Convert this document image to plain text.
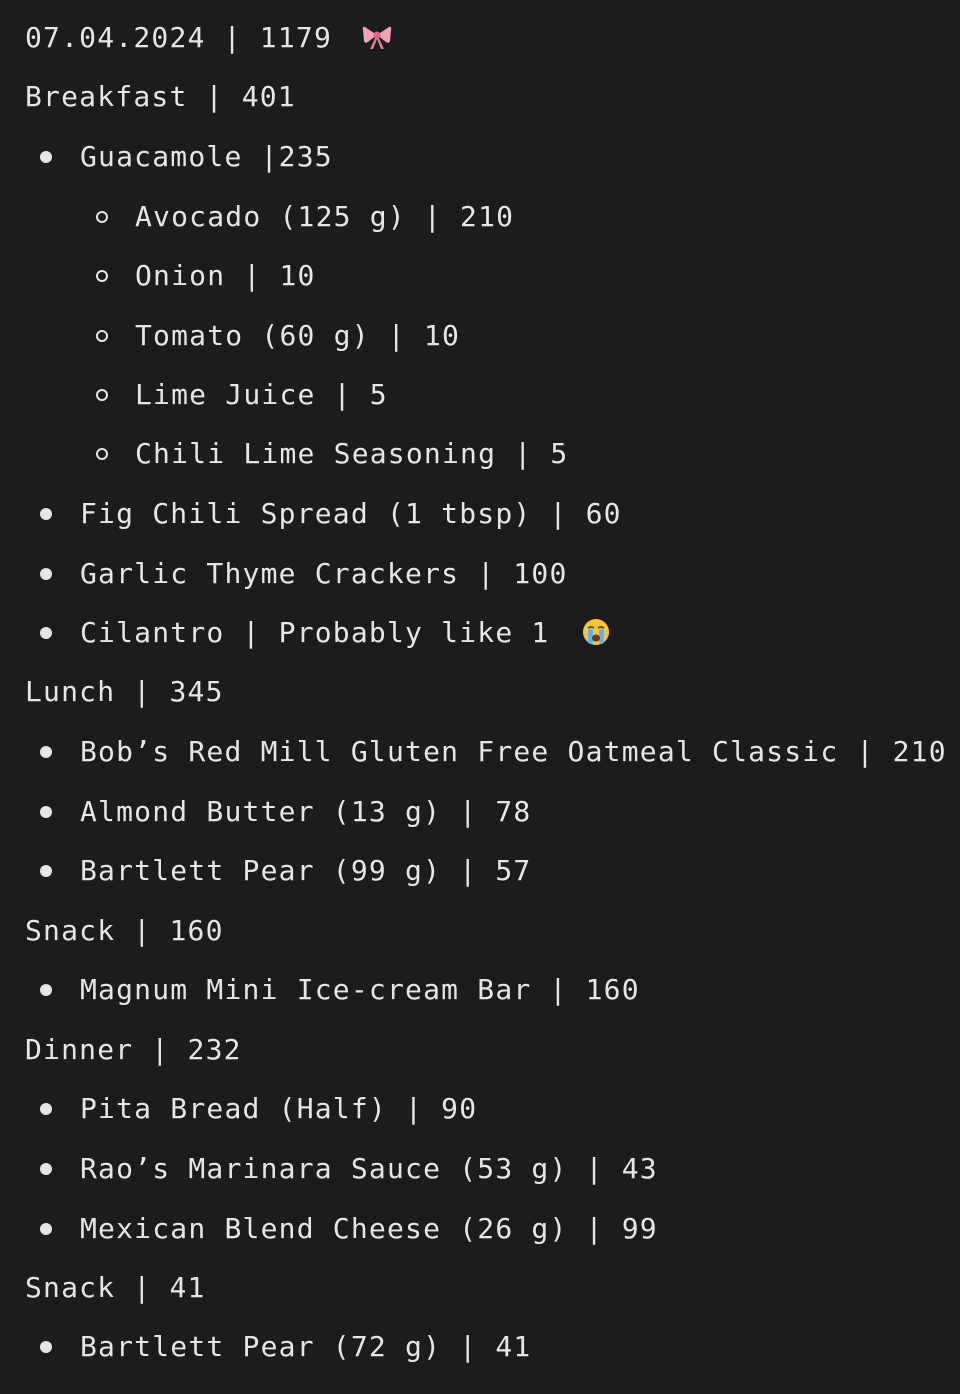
07.04.2024 | 1179
Breakfast | 401
Guacamole |235
Avocado (125 g) | 210
Onion | 10
Tomato (60 g) | 10
Lime Juice | 5
Chili Lime Seasoning | 5
Fig Chili Spread (1 tbsp) | 60
Garlic Thyme Crackers | 100
Cilantro | Probably like 1
Lunch | 345
Bob’s Red Mill Gluten Free Oatmeal Classic | 210
Almond Butter (13 g) | 78
Bartlett Pear (99 g) | 57
Snack | 160
Magnum Mini Ice-cream Bar | 160
Dinner | 232
Pita Bread (Half) | 90
Rao’s Marinara Sauce (53 g) | 43
Mexican Blend Cheese (26 g) | 99
Snack | 41
Bartlett Pear (72 g) | 41
